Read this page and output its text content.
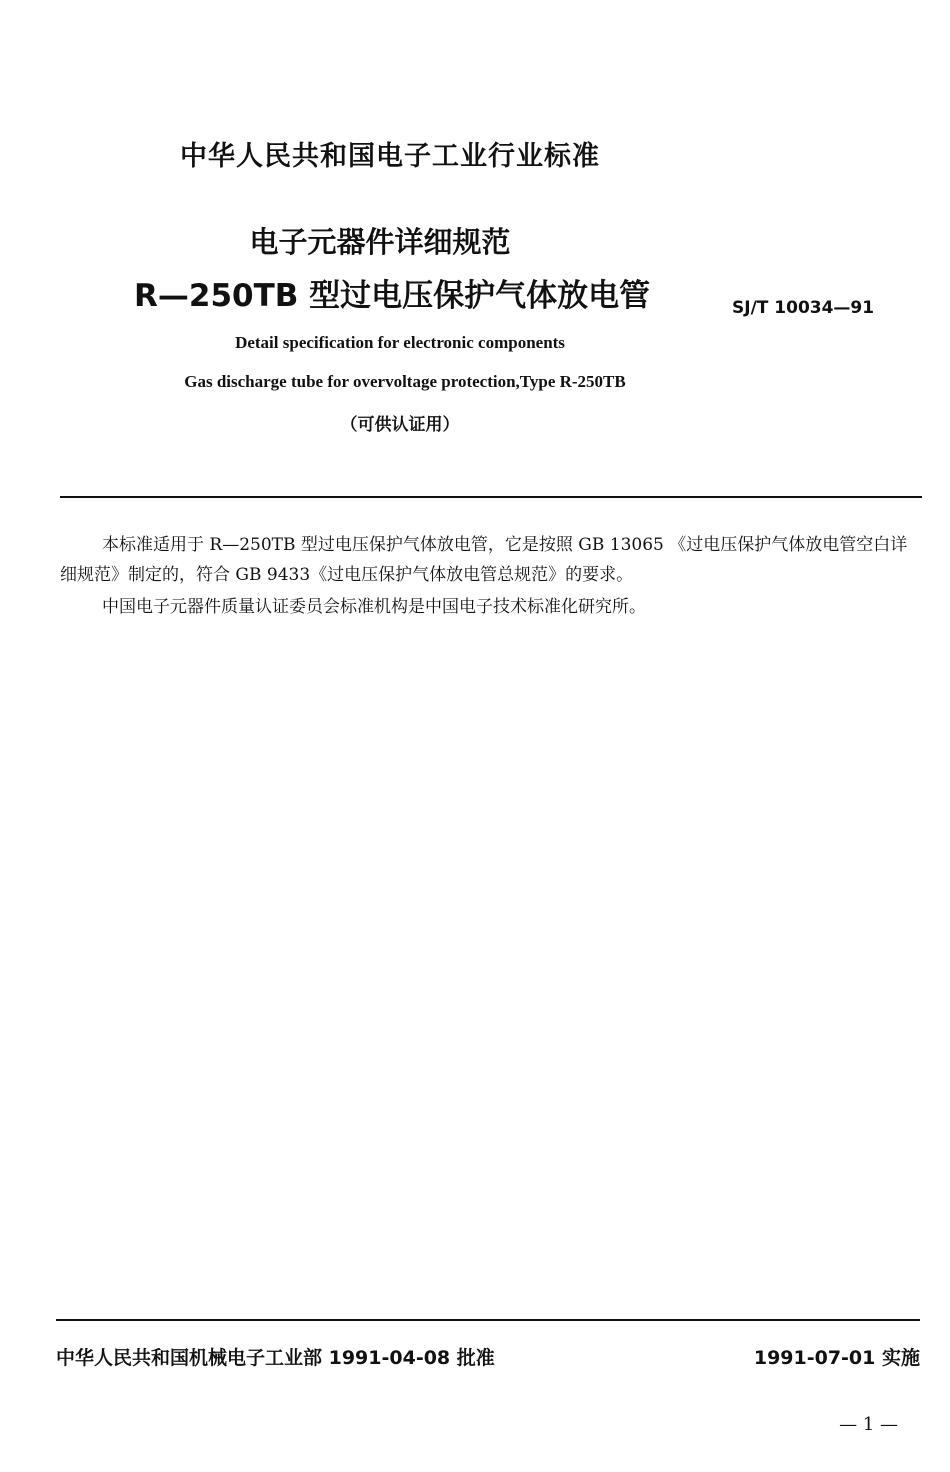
中华人民共和国电子工业行业标准
电子元器件详细规范
R—250TB 型过电压保护气体放电管	SJ/T 10034—91
Detail specification for electronic components
Gas discharge tube for overvoltage protection,Type R-250TB
（可供认证用）
本标准适用于 R—250TB 型过电压保护气体放电管，它是按照 GB 13065 《过电压保护气体放电管空白详细规范》制定的，符合 GB 9433《过电压保护气体放电管总规范》的要求。
中国电子元器件质量认证委员会标准机构是中国电子技术标准化研究所。
中华人民共和国机械电子工业部 1991-04-08 批准	1991-07-01 实施
— 1 —
